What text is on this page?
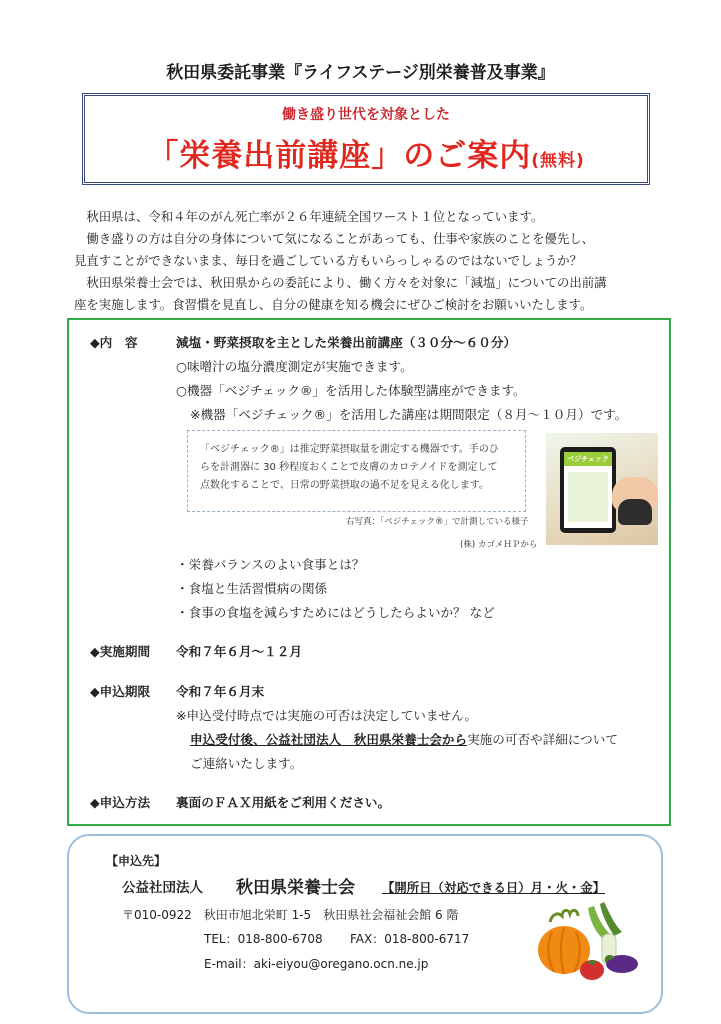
秋田県委託事業『ライフステージ別栄養普及事業』
働き盛り世代を対象とした
「栄養出前講座」のご案内(無料)

　秋田県は、令和４年のがん死亡率が２６年連続全国ワースト１位となっています。

　働き盛りの方は自分の身体について気になることがあっても、仕事や家族のことを優先し、

見直すことができないまま、毎日を過ごしている方もいらっしゃるのではないでしょうか？

　秋田県栄養士会では、秋田県からの委託により、働く方々を対象に「減塩」についての出前講

座を実施します。食習慣を見直し、自分の健康を知る機会にぜひご検討をお願いいたします。

◆内　容	減塩・野菜摂取を主とした栄養出前講座（３０分～６０分）
○味噌汁の塩分濃度測定が実施できます。
○機器「ベジチェック®」を活用した体験型講座ができます。
※機器「ベジチェック®」を活用した講座は期間限定（８月～１０月）です。
「ベジチェック®」は推定野菜摂取量を測定する機器です。手のひ
らを計測器に 30 秒程度おくことで皮膚のカロテノイドを測定して
点数化することで、日常の野菜摂取の過不足を見える化します。
ベジチェック
右写真：「ベジチェック®」で計測している様子
(株) カゴメＨＰから
・栄養バランスのよい食事とは？
・食塩と生活習慣病の関係
・食事の食塩を減らすためにはどうしたらよいか？ など
◆実施期間 令和７年６月～１２月
◆申込期限 令和７年６月末
※申込受付時点では実施の可否は決定していません。
申込受付後、公益社団法人　秋田県栄養士会から実施の可否や詳細について
ご連絡いたします。
◆申込方法 裏面のＦＡＸ用紙をご利用ください。
【申込先】
公益社団法人 秋田県栄養士会 【開所日（対応できる日）月・火・金】
〒010-0922　秋田市旭北栄町 1-5　秋田県社会福祉会館 6 階
TEL：018-800-6708 FAX：018-800-6717
E-mail：aki-eiyou@oregano.ocn.ne.jp
